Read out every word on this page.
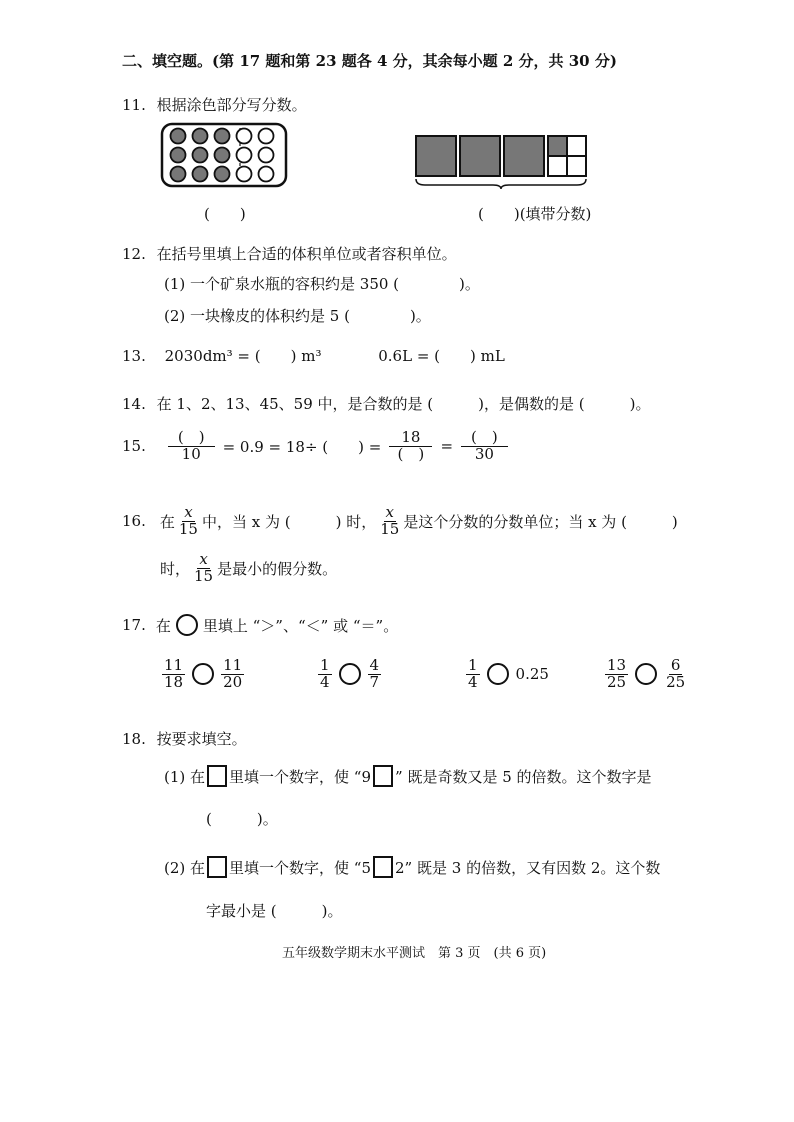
二、填空题。(第 17 题和第 23 题各 4 分，其余每小题 2 分，共 30 分)
11. 根据涂色部分写分数。
(　　)	(　　)(填带分数)
12. 在括号里填上合适的体积单位或者容积单位。
(1) 一个矿泉水瓶的容积约是 350 (　　　　)。
(2) 一块橡皮的体积约是 5 (　　　　)。
13. 2030dm³ = (　　) m³	0.6L = (　　) mL
14. 在 1、2、13、45、59 中，是合数的是 (　　　)，是偶数的是 (　　　)。
15. $\frac{( )}{10} = 0.9 = 18\div$ (　　) = $\frac{18}{( )} = \frac{( )}{30}$
16. 在 $\frac{x}{15}$ 中，当 x 为 (　　　) 时， $\frac{x}{15}$ 是这个分数的分数单位；当 x 为 (　　　)
时， $\frac{x}{15}$ 是最小的假分数。
17. 在 里填上 “＞”、“＜” 或 “＝”。
$\frac{11}{18} \frac{11}{20}$	$\frac{1}{4} \frac{4}{7}$	$\frac{1}{4} 0.25$	$\frac{13}{25} \frac{6}{25}$
18. 按要求填空。
(1) 在 里填一个数字，使 “9 ” 既是奇数又是 5 的倍数。这个数字是
(　　　)。
(2) 在 里填一个数字，使 “5 2” 既是 3 的倍数，又有因数 2。这个数
字最小是 (　　　)。
五年级数学期末水平测试　第 3 页　(共 6 页)
